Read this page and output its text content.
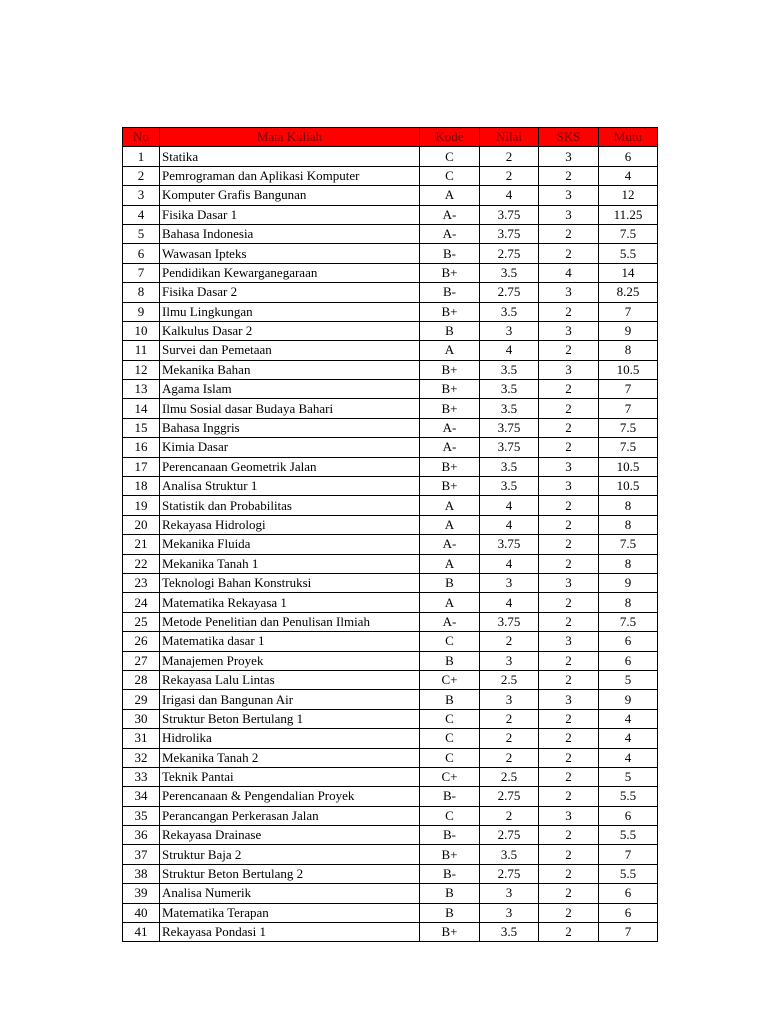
No	Mata Kuliah	Kode	Nilai	SKS	Mutu
1	Statika	C	2	3	6
2	Pemrograman dan Aplikasi Komputer	C	2	2	4
3	Komputer Grafis Bangunan	A	4	3	12
4	Fisika Dasar 1	A-	3.75	3	11.25
5	Bahasa Indonesia	A-	3.75	2	7.5
6	Wawasan Ipteks	B-	2.75	2	5.5
7	Pendidikan Kewarganegaraan	B+	3.5	4	14
8	Fisika Dasar 2	B-	2.75	3	8.25
9	Ilmu Lingkungan	B+	3.5	2	7
10	Kalkulus Dasar 2	B	3	3	9
11	Survei dan Pemetaan	A	4	2	8
12	Mekanika Bahan	B+	3.5	3	10.5
13	Agama Islam	B+	3.5	2	7
14	Ilmu Sosial dasar Budaya Bahari	B+	3.5	2	7
15	Bahasa Inggris	A-	3.75	2	7.5
16	Kimia Dasar	A-	3.75	2	7.5
17	Perencanaan Geometrik Jalan	B+	3.5	3	10.5
18	Analisa Struktur 1	B+	3.5	3	10.5
19	Statistik dan Probabilitas	A	4	2	8
20	Rekayasa Hidrologi	A	4	2	8
21	Mekanika Fluida	A-	3.75	2	7.5
22	Mekanika Tanah 1	A	4	2	8
23	Teknologi Bahan Konstruksi	B	3	3	9
24	Matematika Rekayasa 1	A	4	2	8
25	Metode Penelitian dan Penulisan Ilmiah	A-	3.75	2	7.5
26	Matematika dasar 1	C	2	3	6
27	Manajemen Proyek	B	3	2	6
28	Rekayasa Lalu Lintas	C+	2.5	2	5
29	Irigasi dan Bangunan Air	B	3	3	9
30	Struktur Beton Bertulang 1	C	2	2	4
31	Hidrolika	C	2	2	4
32	Mekanika Tanah 2	C	2	2	4
33	Teknik Pantai	C+	2.5	2	5
34	Perencanaan & Pengendalian Proyek	B-	2.75	2	5.5
35	Perancangan Perkerasan Jalan	C	2	3	6
36	Rekayasa Drainase	B-	2.75	2	5.5
37	Struktur Baja 2	B+	3.5	2	7
38	Struktur Beton Bertulang 2	B-	2.75	2	5.5
39	Analisa Numerik	B	3	2	6
40	Matematika Terapan	B	3	2	6
41	Rekayasa Pondasi 1	B+	3.5	2	7
